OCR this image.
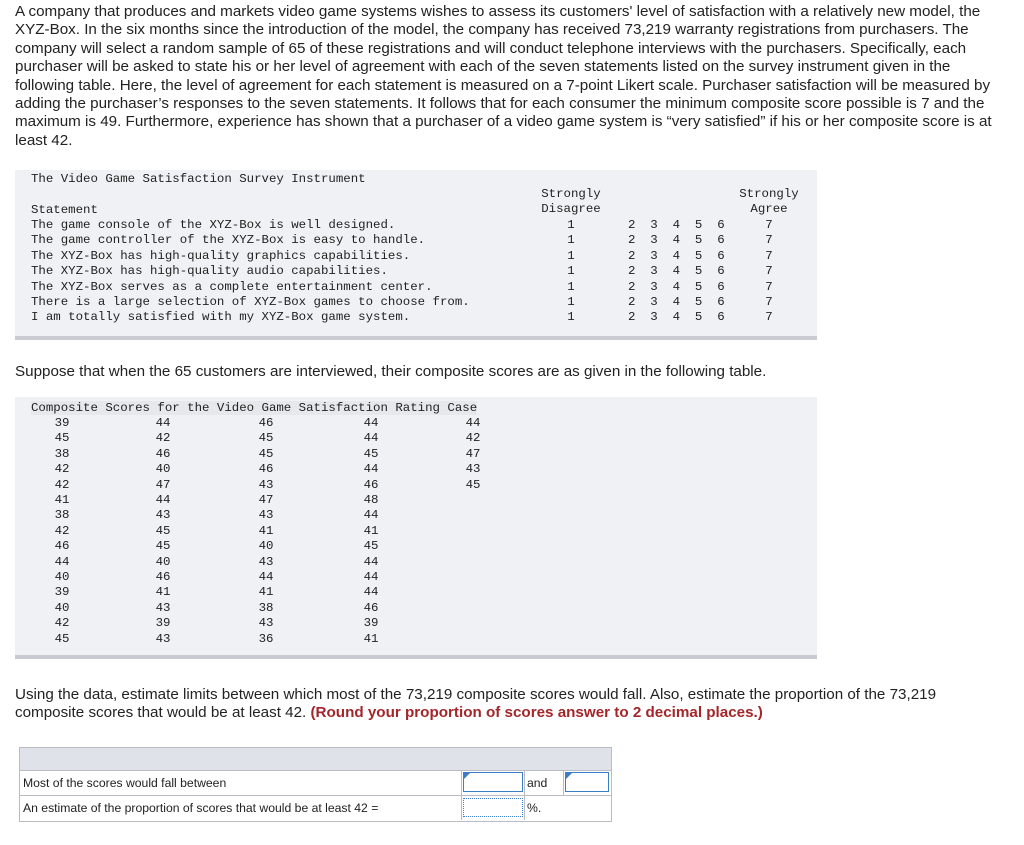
A company that produces and markets video game systems wishes to assess its customers' level of satisfaction with a relatively new model, the XYZ-Box. In the six months since the introduction of the model, the company has received 73,219 warranty registrations from purchasers. The company will select a random sample of 65 of these registrations and will conduct telephone interviews with the purchasers. Specifically, each purchaser will be asked to state his or her level of agreement with each of the seven statements listed on the survey instrument given in the following table. Here, the level of agreement for each statement is measured on a 7-point Likert scale. Purchaser satisfaction will be measured by adding the purchaser’s responses to the seven statements. It follows that for each consumer the minimum composite score possible is 7 and the maximum is 49. Furthermore, experience has shown that a purchaser of a video game system is “very satisfied” if his or her composite score is at least 42.

The Video Game Satisfaction Survey Instrument
Statement
Strongly
Disagree
Strongly
Agree
The game console of the XYZ-Box is well designed.	1	2  3  4  5  6	7
The game controller of the XYZ-Box is easy to handle.	1	2  3  4  5  6	7
The XYZ-Box has high-quality graphics capabilities.	1	2  3  4  5  6	7
The XYZ-Box has high-quality audio capabilities.	1	2  3  4  5  6	7
The XYZ-Box serves as a complete entertainment center.	1	2  3  4  5  6	7
There is a large selection of XYZ-Box games to choose from.	1	2  3  4  5  6	7
I am totally satisfied with my XYZ-Box game system.	1	2  3  4  5  6	7

Suppose that when the 65 customers are interviewed, their composite scores are as given in the following table.

Composite Scores for the Video Game Satisfaction Rating Case
39	44	46	44	44
45	42	45	44	42
38	46	45	45	47
42	40	46	44	43
42	47	43	46	45
41	44	47	48
38	43	43	44
42	45	41	41
46	45	40	45
44	40	43	44
40	46	44	44
39	41	41	44
40	43	38	46
42	39	43	39
45	43	36	41

Using the data, estimate limits between which most of the 73,219 composite scores would fall. Also, estimate the proportion of the 73,219 composite scores that would be at least 42. (Round your proportion of scores answer to 2 decimal places.)

Most of the scores would fall between	and
An estimate of the proportion of scores that would be at least 42 =	%.
